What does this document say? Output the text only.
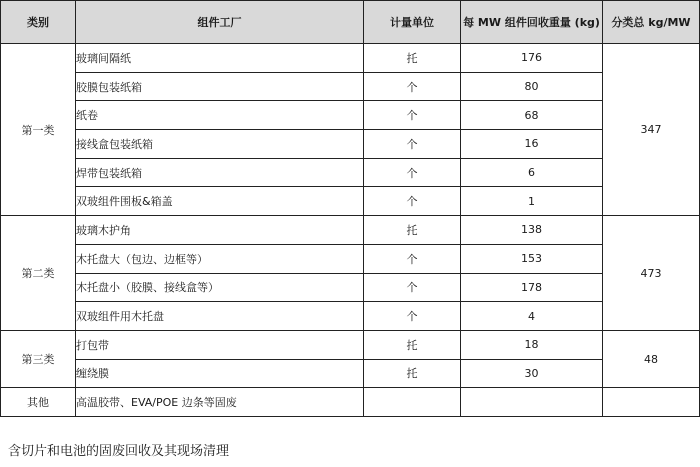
类别	组件工厂	计量单位	每 MW 组件回收重量 (kg)	分类总 kg/MW
第一类	玻璃间隔纸	托	176	347
	胶膜包装纸箱	个	80	
	纸卷	个	68	
	接线盒包装纸箱	个	16	
	焊带包装纸箱	个	6	
	双玻组件围板&箱盖	个	1	
第二类	玻璃木护角	托	138	473
	木托盘大（包边、边框等）	个	153	
	木托盘小（胶膜、接线盒等）	个	178	
	双玻组件用木托盘	个	4	
第三类	打包带	托	18	48
	缠绕膜	托	30	
其他	高温胶带、EVA/POE 边条等固废			
含切片和电池的固废回收及其现场清理
